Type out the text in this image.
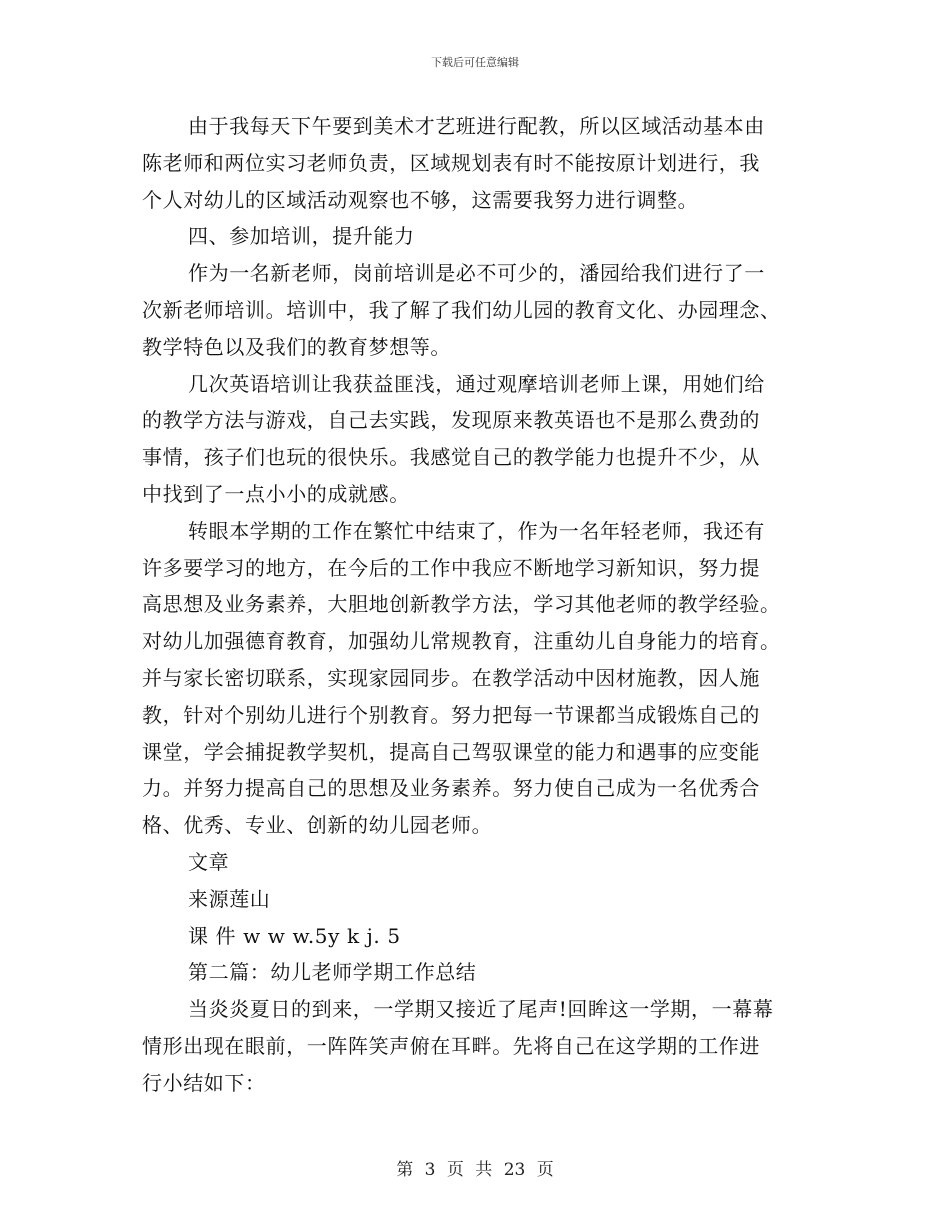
下载后可任意编辑
由于我每天下午要到美术才艺班进行配教，所以区域活动基本由
陈老师和两位实习老师负责，区域规划表有时不能按原计划进行，我
个人对幼儿的区域活动观察也不够，这需要我努力进行调整。
四、参加培训，提升能力
作为一名新老师，岗前培训是必不可少的，潘园给我们进行了一
次新老师培训。培训中，我了解了我们幼儿园的教育文化、办园理念、
教学特色以及我们的教育梦想等。
几次英语培训让我获益匪浅，通过观摩培训老师上课，用她们给
的教学方法与游戏，自己去实践，发现原来教英语也不是那么费劲的
事情，孩子们也玩的很快乐。我感觉自己的教学能力也提升不少，从
中找到了一点小小的成就感。
转眼本学期的工作在繁忙中结束了，作为一名年轻老师，我还有
许多要学习的地方，在今后的工作中我应不断地学习新知识，努力提
高思想及业务素养，大胆地创新教学方法，学习其他老师的教学经验。
对幼儿加强德育教育，加强幼儿常规教育，注重幼儿自身能力的培育。
并与家长密切联系，实现家园同步。在教学活动中因材施教，因人施
教，针对个别幼儿进行个别教育。努力把每一节课都当成锻炼自己的
课堂，学会捕捉教学契机，提高自己驾驭课堂的能力和遇事的应变能
力。并努力提高自己的思想及业务素养。努力使自己成为一名优秀合
格、优秀、专业、创新的幼儿园老师。
文章
来源莲山
课 件 w w w.5y k j. 5
第二篇：幼儿老师学期工作总结
当炎炎夏日的到来，一学期又接近了尾声!回眸这一学期，一幕幕
情形出现在眼前，一阵阵笑声俯在耳畔。先将自己在这学期的工作进
行小结如下：
第 3 页 共 23 页
